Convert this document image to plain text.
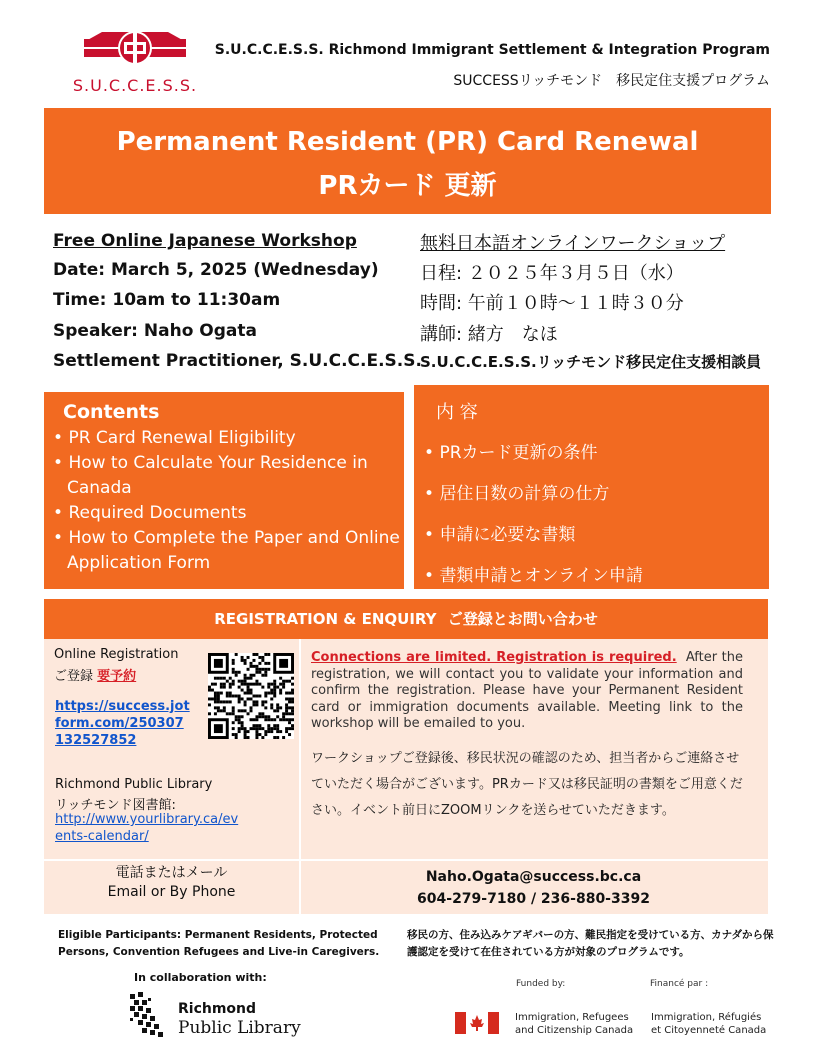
S.U.C.C.E.S.S.
S.U.C.C.E.S.S. Richmond Immigrant Settlement & Integration Program
SUCCESSリッチモンド　移民定住支援プログラム
Permanent Resident (PR) Card Renewal
PRカード 更新
Free Online Japanese Workshop
Date: March 5, 2025 (Wednesday)
Time: 10am to 11:30am
Speaker: Naho Ogata
Settlement Practitioner, S.U.C.C.E.S.S.
無料日本語オンラインワークショップ
日程: ２０２５年３月５日（水）
時間: 午前１０時～１１時３０分
講師: 緒方　なほ
S.U.C.C.E.S.S.リッチモンド移民定住支援相談員
Contents
• PR Card Renewal Eligibility
• How to Calculate Your Residence in Canada
• Required Documents
• How to Complete the Paper and Online Application Form
内 容
• PRカード更新の条件
• 居住日数の計算の仕方
• 申請に必要な書類
• 書類申請とオンライン申請
REGISTRATION & ENQUIRY ご登録とお問い合わせ
Online Registration
ご登録 要予約
https://success.jotform.com/250307132527852
Richmond Public Library
リッチモンド図書館:
http://www.yourlibrary.ca/events-calendar/
Connections are limited. Registration is required. After the registration, we will contact you to validate your information and confirm the registration. Please have your Permanent Resident card or immigration documents available. Meeting link to the workshop will be emailed to you.
ワークショップご登録後、移民状況の確認のため、担当者からご連絡させていただく場合がございます。PRカード又は移民証明の書類をご用意ください。イベント前日にZOOMリンクを送らせていただきます。
電話またはメール
Email or By Phone
Naho.Ogata@success.bc.ca
604-279-7180 / 236-880-3392
Eligible Participants: Permanent Residents, Protected Persons, Convention Refugees and Live-in Caregivers.
移民の方、住み込みケアギバーの方、難民指定を受けている方、カナダから保護認定を受けて在住されている方が対象のプログラムです。
In collaboration with:
Richmond
Public Library
Funded by:	Financé par :
Immigration, Refugees
and Citizenship Canada
Immigration, Réfugiés
et Citoyenneté Canada
